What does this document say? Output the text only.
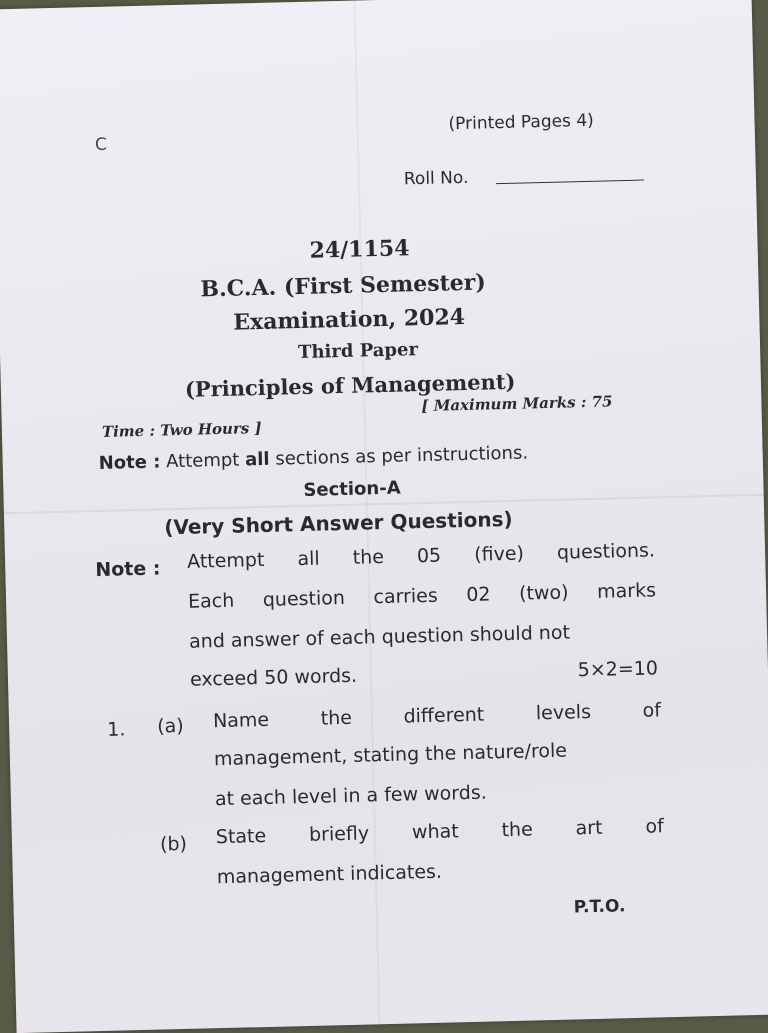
C
(Printed Pages 4)
Roll No.
24/1154
B.C.A. (First Semester)
Examination, 2024
Third Paper
(Principles of Management)
Time : Two Hours ]
[ Maximum Marks : 75
Note : Attempt all sections as per instructions.
Section-A
(Very Short Answer Questions)
Note : Attempt all the 05 (five) questions.
Each question carries 02 (two) marks
and answer of each question should not
exceed 50 words.	5×2=10
1. (a) Name	the	different	levels	of
management, stating the nature/role
at each level in a few words.
(b) State briefly what the art of
management indicates.
P.T.O.
